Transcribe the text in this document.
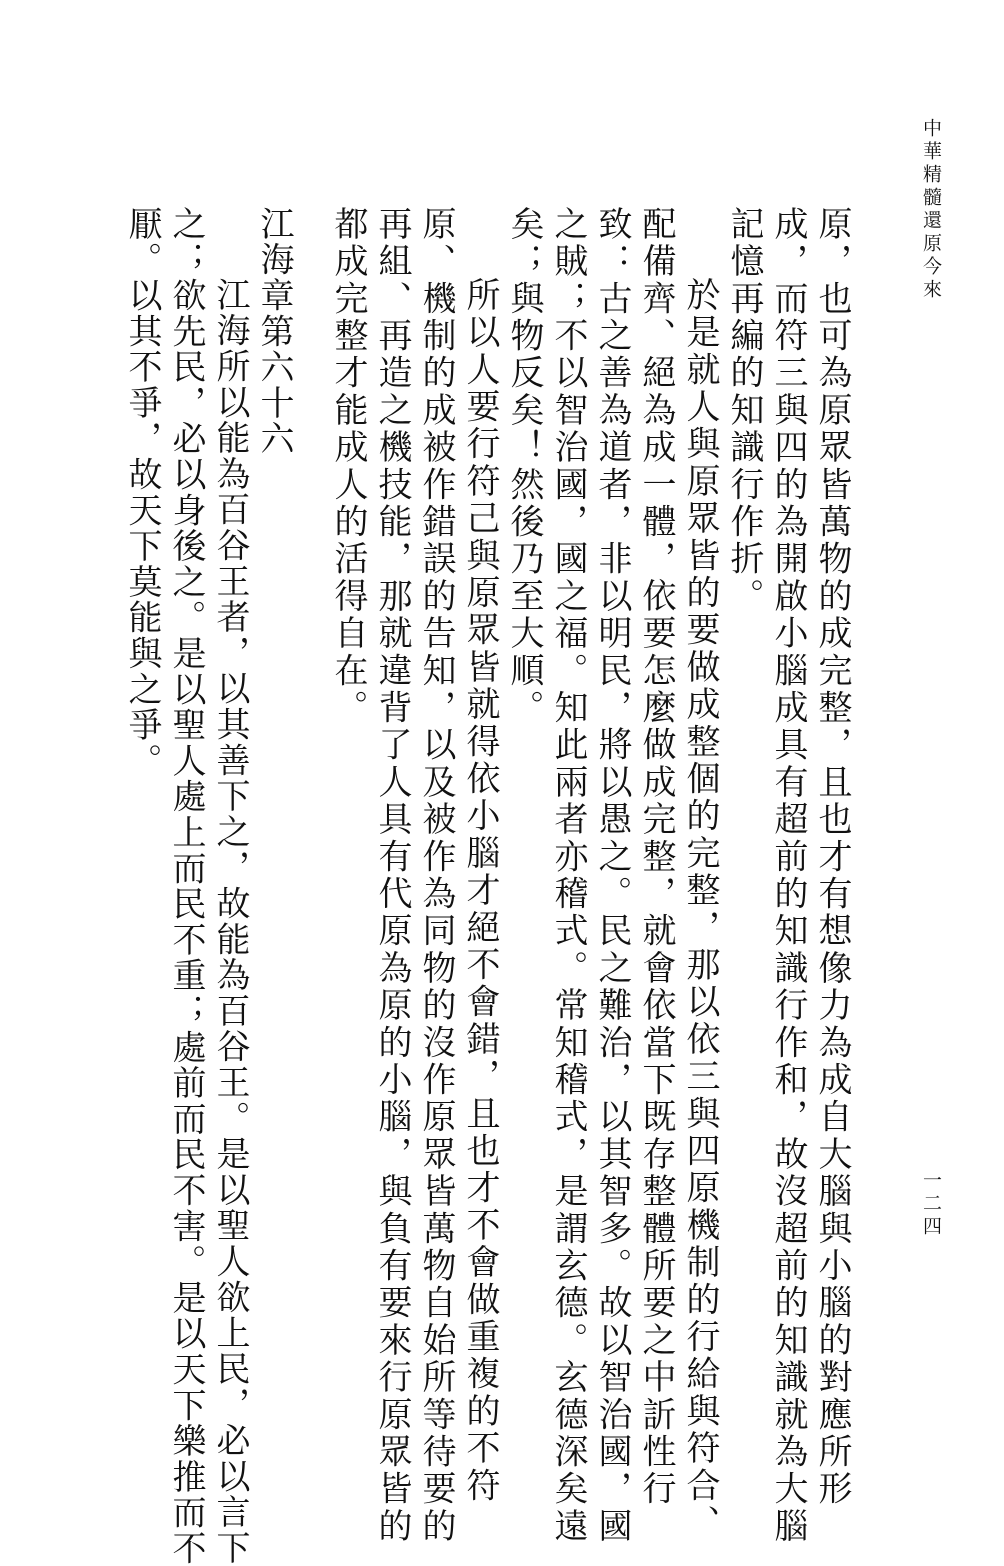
中華精髓還原今來
一二四
原，也可為原眾皆萬物的成完整，且也才有想像力為成自大腦與小腦的對應所形
成，而符三與四的為開啟小腦成具有超前的知識行作和，故沒超前的知識就為大腦
記憶再編的知識行作折。
於是就人與原眾皆的要做成整個的完整，那以依三與四原機制的行給與符合、
配備齊、絕為成一體，依要怎麼做成完整，就會依當下既存整體所要之中訢性行
致：古之善為道者，非以明民，將以愚之。民之難治，以其智多。故以智治國，國
之賊；不以智治國，國之福。知此兩者亦稽式。常知稽式，是謂玄德。玄德深矣遠
矣；與物反矣！然後乃至大順。
所以人要行符己與原眾皆就得依小腦才絕不會錯，且也才不會做重複的不符
原、機制的成被作錯誤的告知，以及被作為同物的沒作原眾皆萬物自始所等待要的
再組、再造之機技能，那就違背了人具有代原為原的小腦，與負有要來行原眾皆的
都成完整才能成人的活得自在。
江海章第六十六
江海所以能為百谷王者，以其善下之，故能為百谷王。是以聖人欲上民，必以言下
之；欲先民，必以身後之。是以聖人處上而民不重；處前而民不害。是以天下樂推而不
厭。以其不爭，故天下莫能與之爭。
